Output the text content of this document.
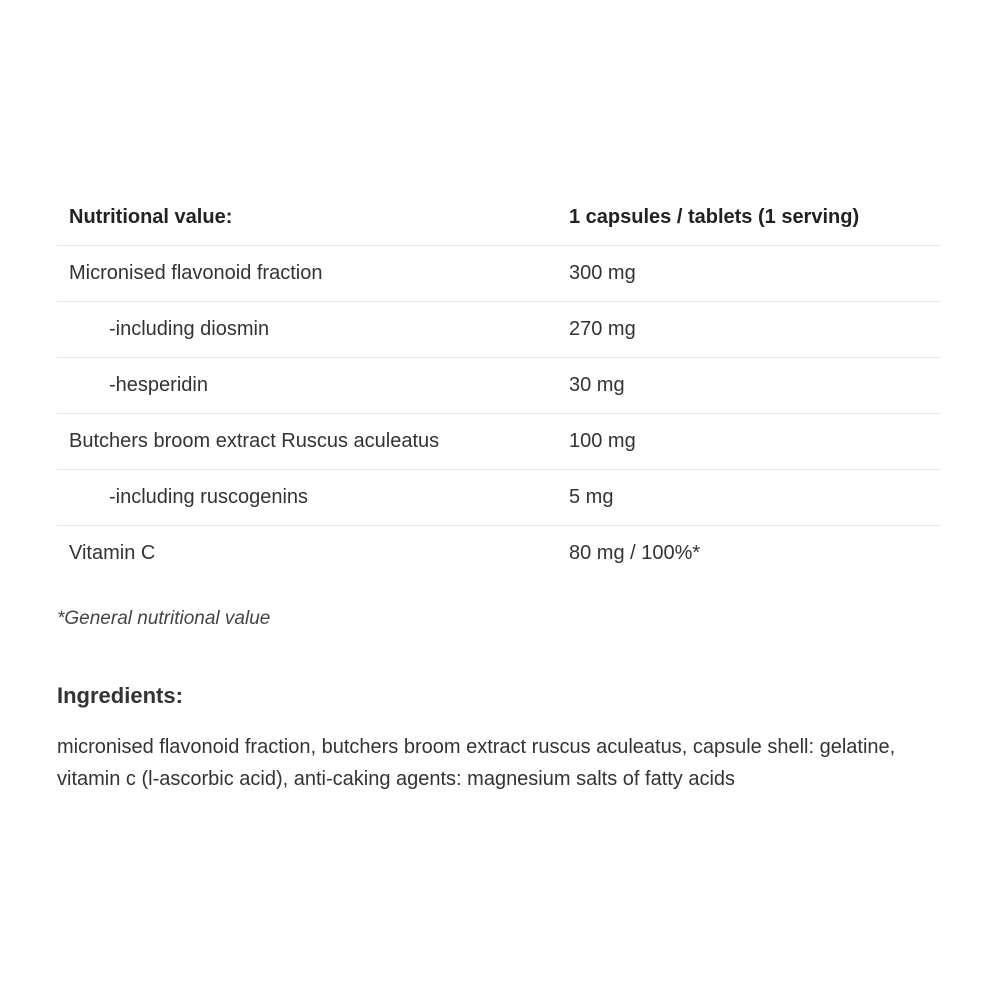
Nutritional value:	1 capsules / tablets (1 serving)
Micronised flavonoid fraction	300 mg
-including diosmin	270 mg
-hesperidin	30 mg
Butchers broom extract Ruscus aculeatus	100 mg
-including ruscogenins	5 mg
Vitamin C	80 mg / 100%*
*General nutritional value
Ingredients:

micronised flavonoid fraction, butchers broom extract ruscus aculeatus, capsule shell: gelatine, vitamin c (l-ascorbic acid), anti-caking agents: magnesium salts of fatty acids
